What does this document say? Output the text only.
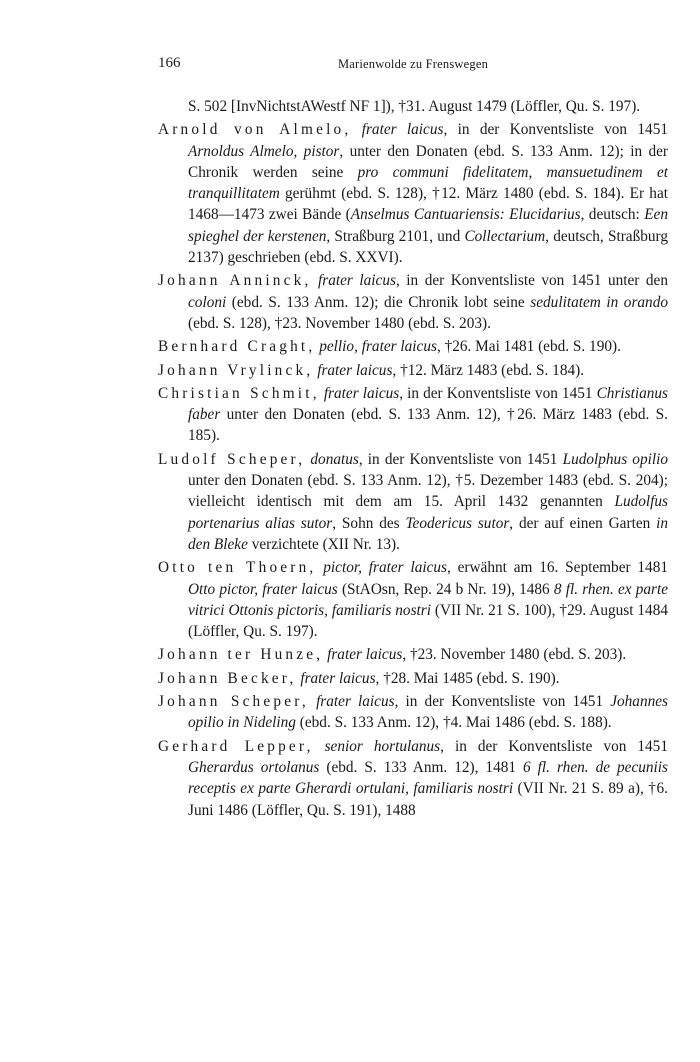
166	Marienwolde zu Frenswegen

S. 502 [InvNichtstAWestf NF 1]), †31. August 1479 (Löffler, Qu. S. 197).

Arnold von Almelo, frater laicus, in der Konventsliste von 1451 Arnoldus Almelo, pistor, unter den Donaten (ebd. S. 133 Anm. 12); in der Chronik werden seine pro communi fidelitatem, mansuetudinem et tranquillitatem gerühmt (ebd. S. 128), †12. März 1480 (ebd. S. 184). Er hat 1468—1473 zwei Bände (Anselmus Cantuariensis: Elucidarius, deutsch: Een spieghel der kerstenen, Straßburg 2101, und Collectarium, deutsch, Straßburg 2137) geschrieben (ebd. S. XXVI).

Johann Anninck, frater laicus, in der Konventsliste von 1451 unter den coloni (ebd. S. 133 Anm. 12); die Chronik lobt seine sedulitatem in orando (ebd. S. 128), †23. November 1480 (ebd. S. 203).

Bernhard Craght, pellio, frater laicus, †26. Mai 1481 (ebd. S. 190).

Johann Vrylinck, frater laicus, †12. März 1483 (ebd. S. 184).

Christian Schmit, frater laicus, in der Konventsliste von 1451 Christianus faber unter den Donaten (ebd. S. 133 Anm. 12), †26. März 1483 (ebd. S. 185).

Ludolf Scheper, donatus, in der Konventsliste von 1451 Ludolphus opilio unter den Donaten (ebd. S. 133 Anm. 12), †5. Dezember 1483 (ebd. S. 204); vielleicht identisch mit dem am 15. April 1432 genannten Ludolfus portenarius alias sutor, Sohn des Teodericus sutor, der auf einen Garten in den Bleke verzichtete (XII Nr. 13).

Otto ten Thoern, pictor, frater laicus, erwähnt am 16. September 1481 Otto pictor, frater laicus (StAOsn, Rep. 24 b Nr. 19), 1486 8 fl. rhen. ex parte vitrici Ottonis pictoris, familiaris nostri (VII Nr. 21 S. 100), †29. August 1484 (Löffler, Qu. S. 197).

Johann ter Hunze, frater laicus, †23. November 1480 (ebd. S. 203).

Johann Becker, frater laicus, †28. Mai 1485 (ebd. S. 190).

Johann Scheper, frater laicus, in der Konventsliste von 1451 Johannes opilio in Nideling (ebd. S. 133 Anm. 12), †4. Mai 1486 (ebd. S. 188).

Gerhard Lepper, senior hortulanus, in der Konventsliste von 1451 Gherardus ortolanus (ebd. S. 133 Anm. 12), 1481 6 fl. rhen. de pecuniis receptis ex parte Gherardi ortulani, familiaris nostri (VII Nr. 21 S. 89 a), †6. Juni 1486 (Löffler, Qu. S. 191), 1488
